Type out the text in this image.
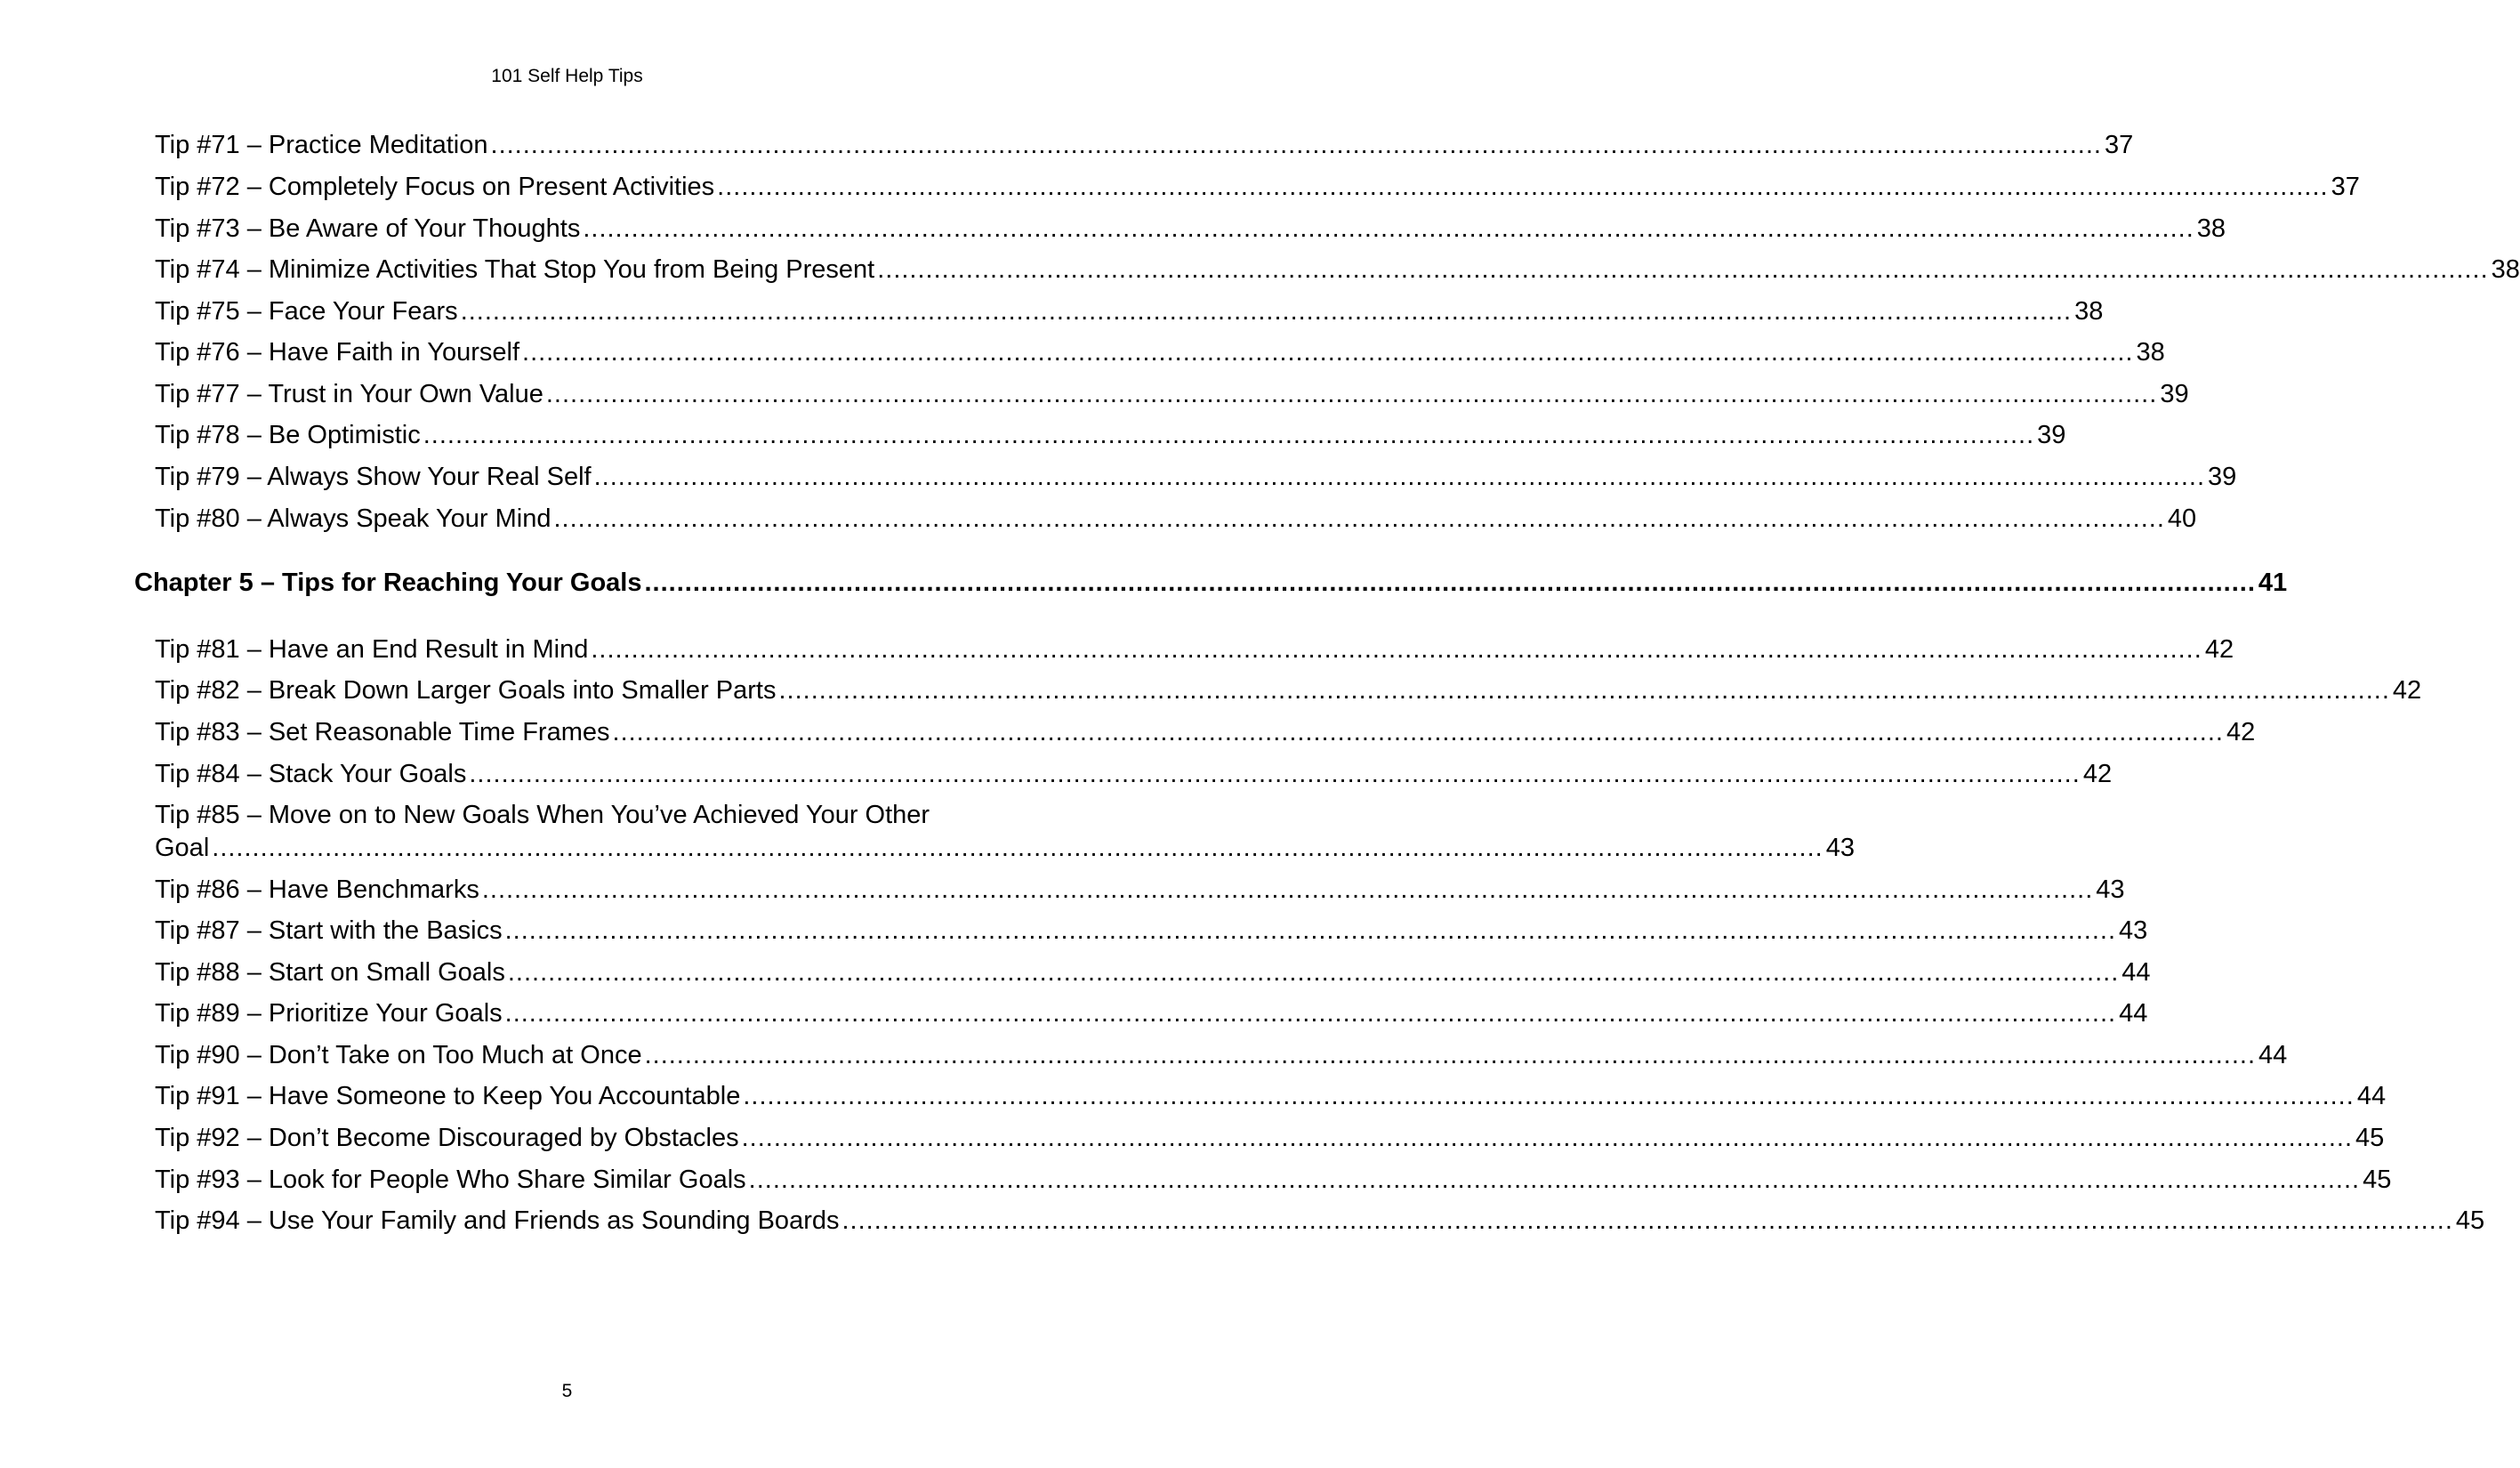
101 Self Help Tips
Tip #71 – Practice Meditation ........................................................................................................................................................................................................ 37
Tip #72 – Completely Focus on Present Activities ........................................................................................................................................................................................................ 37
Tip #73 – Be Aware of Your Thoughts ........................................................................................................................................................................................................ 38
Tip #74 – Minimize Activities That Stop You from Being Present ........................................................................................................................................................................................................ 38
Tip #75 – Face Your Fears ........................................................................................................................................................................................................ 38
Tip #76 – Have Faith in Yourself ........................................................................................................................................................................................................ 38
Tip #77 – Trust in Your Own Value ........................................................................................................................................................................................................ 39
Tip #78 – Be Optimistic ........................................................................................................................................................................................................ 39
Tip #79 – Always Show Your Real Self ........................................................................................................................................................................................................ 39
Tip #80 – Always Speak Your Mind ........................................................................................................................................................................................................ 40
Chapter 5 – Tips for Reaching Your Goals ........................................................................................................................................................................................................ 41
Tip #81 – Have an End Result in Mind ........................................................................................................................................................................................................ 42
Tip #82 – Break Down Larger Goals into Smaller Parts ........................................................................................................................................................................................................ 42
Tip #83 – Set Reasonable Time Frames ........................................................................................................................................................................................................ 42
Tip #84 – Stack Your Goals ........................................................................................................................................................................................................ 42
Tip #85 – Move on to New Goals When You’ve Achieved Your Other
Goal ........................................................................................................................................................................................................ 43
Tip #86 – Have Benchmarks ........................................................................................................................................................................................................ 43
Tip #87 – Start with the Basics ........................................................................................................................................................................................................ 43
Tip #88 – Start on Small Goals ........................................................................................................................................................................................................ 44
Tip #89 – Prioritize Your Goals ........................................................................................................................................................................................................ 44
Tip #90 – Don’t Take on Too Much at Once ........................................................................................................................................................................................................ 44
Tip #91 – Have Someone to Keep You Accountable ........................................................................................................................................................................................................ 44
Tip #92 – Don’t Become Discouraged by Obstacles ........................................................................................................................................................................................................ 45
Tip #93 – Look for People Who Share Similar Goals ........................................................................................................................................................................................................ 45
Tip #94 – Use Your Family and Friends as Sounding Boards ........................................................................................................................................................................................................ 45
5
